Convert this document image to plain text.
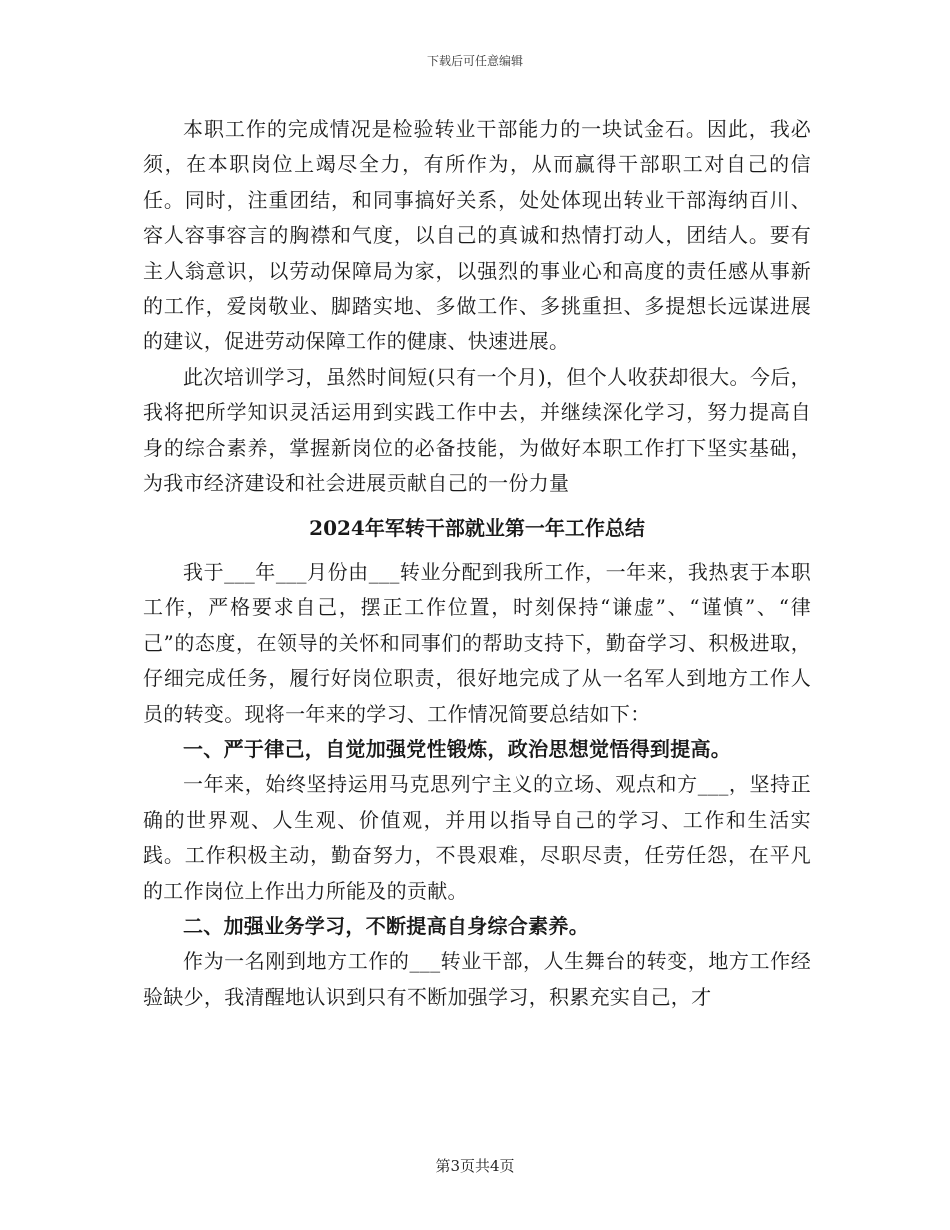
下载后可任意编辑

本职工作的完成情况是检验转业干部能力的一块试金石。因此，我必须，在本职岗位上竭尽全力，有所作为，从而赢得干部职工对自己的信任。同时，注重团结，和同事搞好关系，处处体现出转业干部海纳百川、容人容事容言的胸襟和气度，以自己的真诚和热情打动人，团结人。要有主人翁意识，以劳动保障局为家，以强烈的事业心和高度的责任感从事新的工作，爱岗敬业、脚踏实地、多做工作、多挑重担、多提想长远谋进展的建议，促进劳动保障工作的健康、快速进展。

此次培训学习，虽然时间短(只有一个月)，但个人收获却很大。今后，我将把所学知识灵活运用到实践工作中去，并继续深化学习，努力提高自身的综合素养，掌握新岗位的必备技能，为做好本职工作打下坚实基础，为我市经济建设和社会进展贡献自己的一份力量

2024年军转干部就业第一年工作总结

我于___年___月份由___转业分配到我所工作，一年来，我热衷于本职工作，严格要求自己，摆正工作位置，时刻保持“谦虚”、“谨慎”、“律己”的态度，在领导的关怀和同事们的帮助支持下，勤奋学习、积极进取，仔细完成任务，履行好岗位职责，很好地完成了从一名军人到地方工作人员的转变。现将一年来的学习、工作情况简要总结如下：

一、严于律己，自觉加强党性锻炼，政治思想觉悟得到提高。

一年来，始终坚持运用马克思列宁主义的立场、观点和方___，坚持正确的世界观、人生观、价值观，并用以指导自己的学习、工作和生活实践。工作积极主动，勤奋努力，不畏艰难，尽职尽责，任劳任怨，在平凡的工作岗位上作出力所能及的贡献。

二、加强业务学习，不断提高自身综合素养。

作为一名刚到地方工作的___转业干部，人生舞台的转变，地方工作经验缺少，我清醒地认识到只有不断加强学习，积累充实自己，才

第3页共4页
